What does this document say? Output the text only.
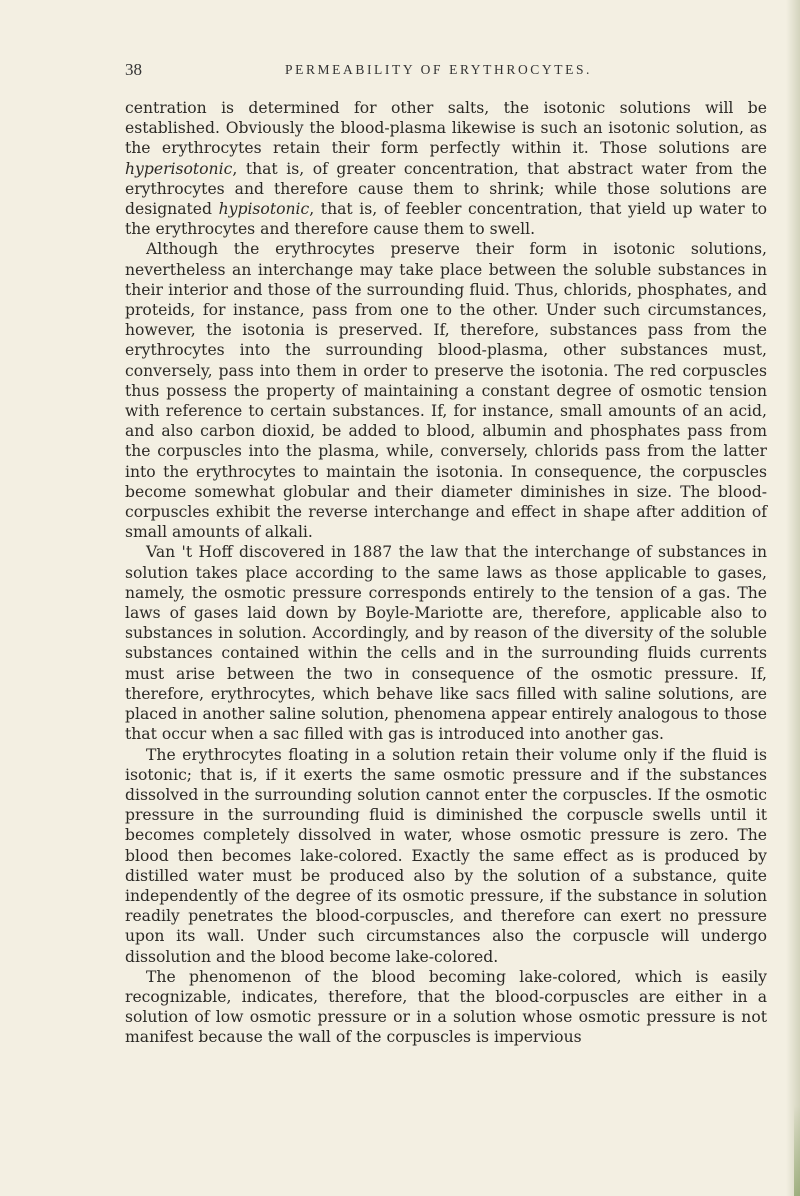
38	PERMEABILITY OF ERYTHROCYTES.

centration is determined for other salts, the isotonic solutions will be established. Obviously the blood-plasma likewise is such an isotonic solution, as the erythrocytes retain their form perfectly within it. Those solutions are hyperisotonic, that is, of greater concentration, that abstract water from the erythrocytes and therefore cause them to shrink; while those solutions are designated hypisotonic, that is, of feebler concentration, that yield up water to the erythrocytes and therefore cause them to swell.

Although the erythrocytes preserve their form in isotonic solutions, nevertheless an interchange may take place between the soluble substances in their interior and those of the surrounding fluid. Thus, chlorids, phosphates, and proteids, for instance, pass from one to the other. Under such circumstances, however, the isotonia is preserved. If, therefore, substances pass from the erythrocytes into the surrounding blood-plasma, other substances must, conversely, pass into them in order to preserve the isotonia. The red corpuscles thus possess the property of maintaining a constant degree of osmotic tension with reference to certain substances. If, for instance, small amounts of an acid, and also carbon dioxid, be added to blood, albumin and phosphates pass from the corpuscles into the plasma, while, conversely, chlorids pass from the latter into the erythrocytes to maintain the isotonia. In consequence, the corpuscles become somewhat globular and their diameter diminishes in size. The blood-corpuscles exhibit the reverse interchange and effect in shape after addition of small amounts of alkali.

Van 't Hoff discovered in 1887 the law that the interchange of substances in solution takes place according to the same laws as those applicable to gases, namely, the osmotic pressure corresponds entirely to the tension of a gas. The laws of gases laid down by Boyle-Mariotte are, therefore, applicable also to substances in solution. Accordingly, and by reason of the diversity of the soluble substances contained within the cells and in the surrounding fluids currents must arise between the two in consequence of the osmotic pressure. If, therefore, erythrocytes, which behave like sacs filled with saline solutions, are placed in another saline solution, phenomena appear entirely analogous to those that occur when a sac filled with gas is introduced into another gas.

The erythrocytes floating in a solution retain their volume only if the fluid is isotonic; that is, if it exerts the same osmotic pressure and if the substances dissolved in the surrounding solution cannot enter the corpuscles. If the osmotic pressure in the surrounding fluid is diminished the corpuscle swells until it becomes completely dissolved in water, whose osmotic pressure is zero. The blood then becomes lake-colored. Exactly the same effect as is produced by distilled water must be produced also by the solution of a substance, quite independently of the degree of its osmotic pressure, if the substance in solution readily penetrates the blood-corpuscles, and therefore can exert no pressure upon its wall. Under such circumstances also the corpuscle will undergo dissolution and the blood become lake-colored.

The phenomenon of the blood becoming lake-colored, which is easily recognizable, indicates, therefore, that the blood-corpuscles are either in a solution of low osmotic pressure or in a solution whose osmotic pressure is not manifest because the wall of the corpuscles is impervious
